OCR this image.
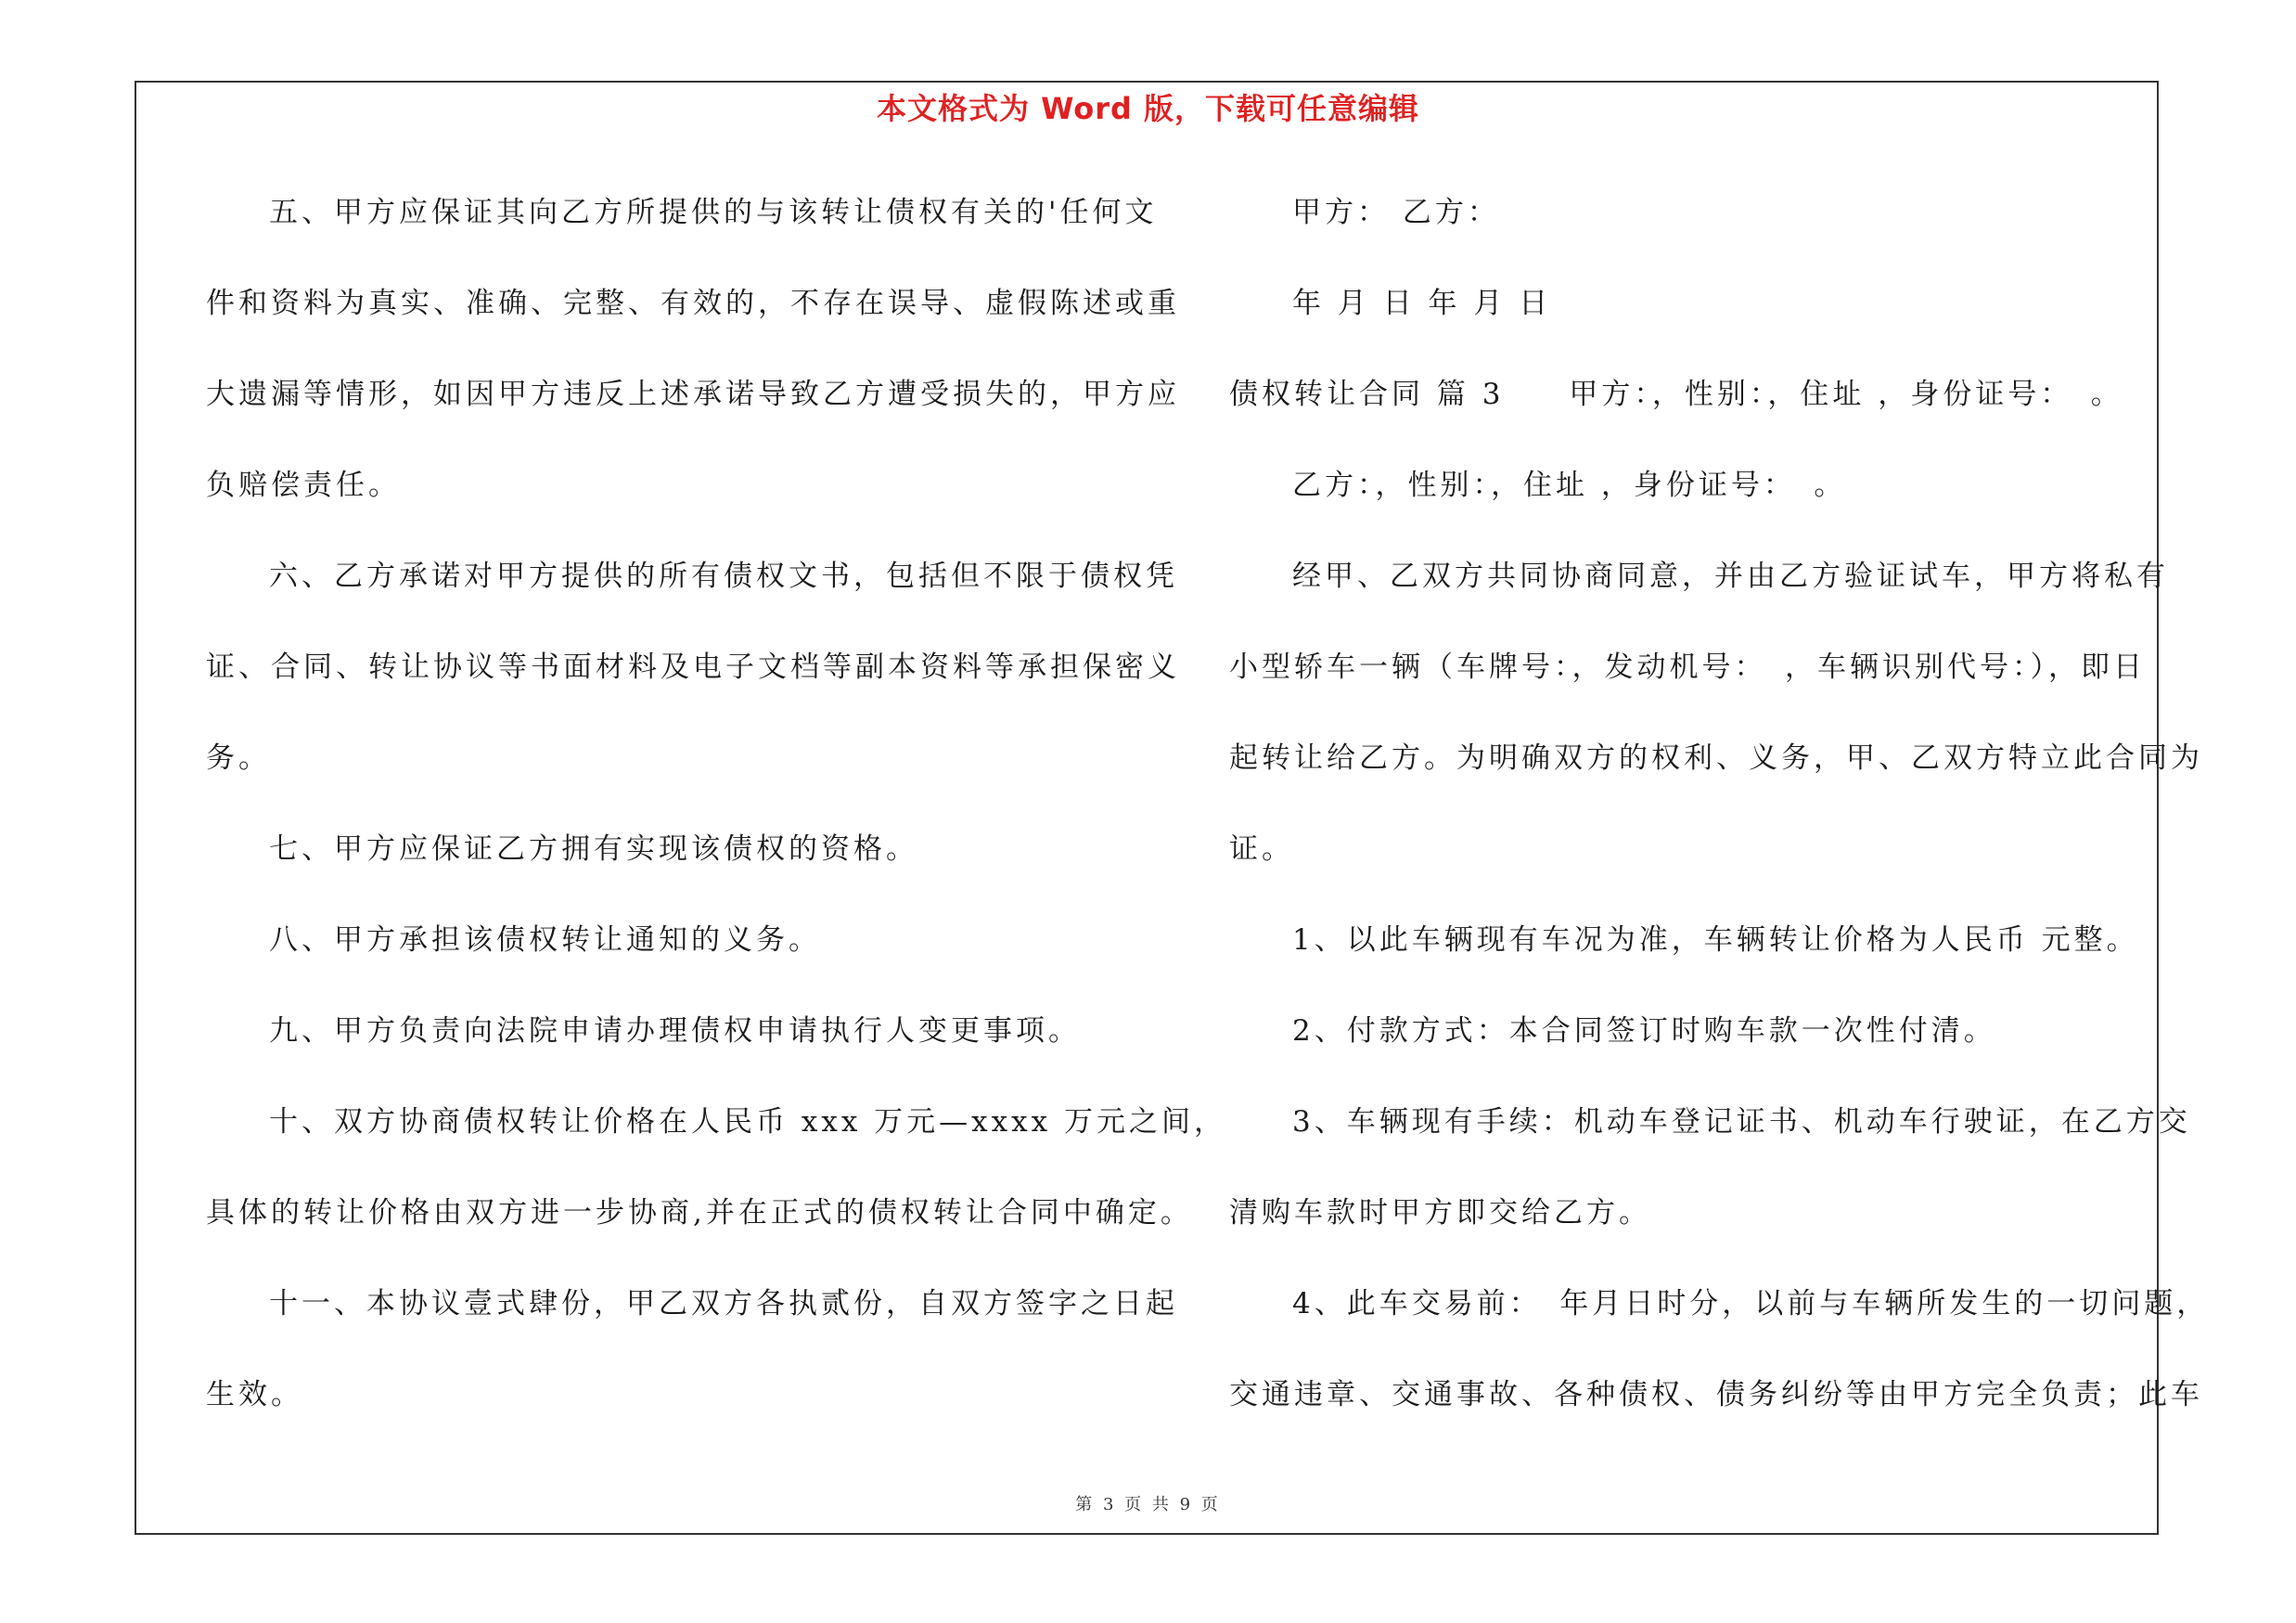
本文格式为 Word 版，下载可任意编辑
五、甲方应保证其向乙方所提供的与该转让债权有关的'任何文
件和资料为真实、准确、完整、有效的，不存在误导、虚假陈述或重
大遗漏等情形，如因甲方违反上述承诺导致乙方遭受损失的，甲方应
负赔偿责任。
六、乙方承诺对甲方提供的所有债权文书，包括但不限于债权凭
证、合同、转让协议等书面材料及电子文档等副本资料等承担保密义
务。
七、甲方应保证乙方拥有实现该债权的资格。
八、甲方承担该债权转让通知的义务。
九、甲方负责向法院申请办理债权申请执行人变更事项。
十、双方协商债权转让价格在人民币 xxx 万元—xxxx 万元之间，
具体的转让价格由双方进一步协商,并在正式的债权转让合同中确定。
十一、本协议壹式肆份，甲乙双方各执贰份，自双方签字之日起
生效。
甲方： 乙方：
年 月 日 年 月 日
债权转让合同 篇 3　　甲方：，性别：，住址 ，身份证号：　。
乙方：，性别：，住址 ，身份证号：　。
经甲、乙双方共同协商同意，并由乙方验证试车，甲方将私有
小型轿车一辆（车牌号：，发动机号：　，车辆识别代号：），即日
起转让给乙方。为明确双方的权利、义务，甲、乙双方特立此合同为
证。
1、以此车辆现有车况为准，车辆转让价格为人民币 元整。
2、付款方式：本合同签订时购车款一次性付清。
3、车辆现有手续：机动车登记证书、机动车行驶证，在乙方交
清购车款时甲方即交给乙方。
4、此车交易前：　年月日时分，以前与车辆所发生的一切问题，
交通违章、交通事故、各种债权、债务纠纷等由甲方完全负责；此车
第 3 页 共 9 页
